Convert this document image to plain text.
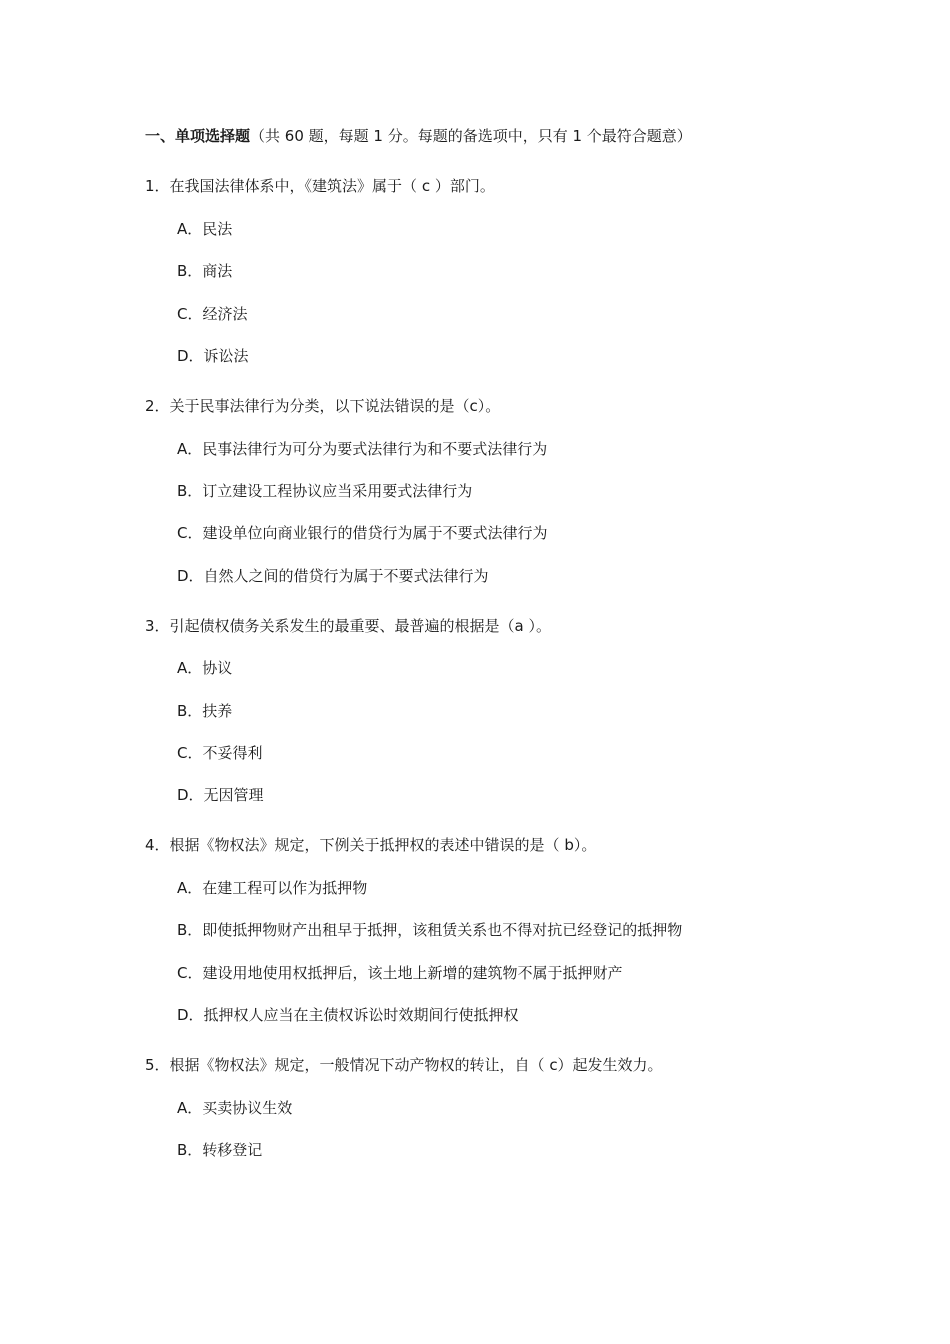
一、单项选择题（共 60 题，每题 1 分。每题的备选项中，只有 1 个最符合题意）
1．在我国法律体系中，《建筑法》属于（ c ）部门。
A．民法
B．商法
C．经济法
D．诉讼法
2．关于民事法律行为分类，以下说法错误的是（c）。
A．民事法律行为可分为要式法律行为和不要式法律行为
B．订立建设工程协议应当采用要式法律行为
C．建设单位向商业银行的借贷行为属于不要式法律行为
D．自然人之间的借贷行为属于不要式法律行为
3．引起债权债务关系发生的最重要、最普遍的根据是（a ）。
A．协议
B．扶养
C．不妥得利
D．无因管理
4．根据《物权法》规定，下例关于抵押权的表述中错误的是（ b）。
A．在建工程可以作为抵押物
B．即使抵押物财产出租早于抵押，该租赁关系也不得对抗已经登记的抵押物
C．建设用地使用权抵押后，该土地上新增的建筑物不属于抵押财产
D．抵押权人应当在主债权诉讼时效期间行使抵押权
5．根据《物权法》规定，一般情况下动产物权的转让，自（ c）起发生效力。
A．买卖协议生效
B．转移登记
